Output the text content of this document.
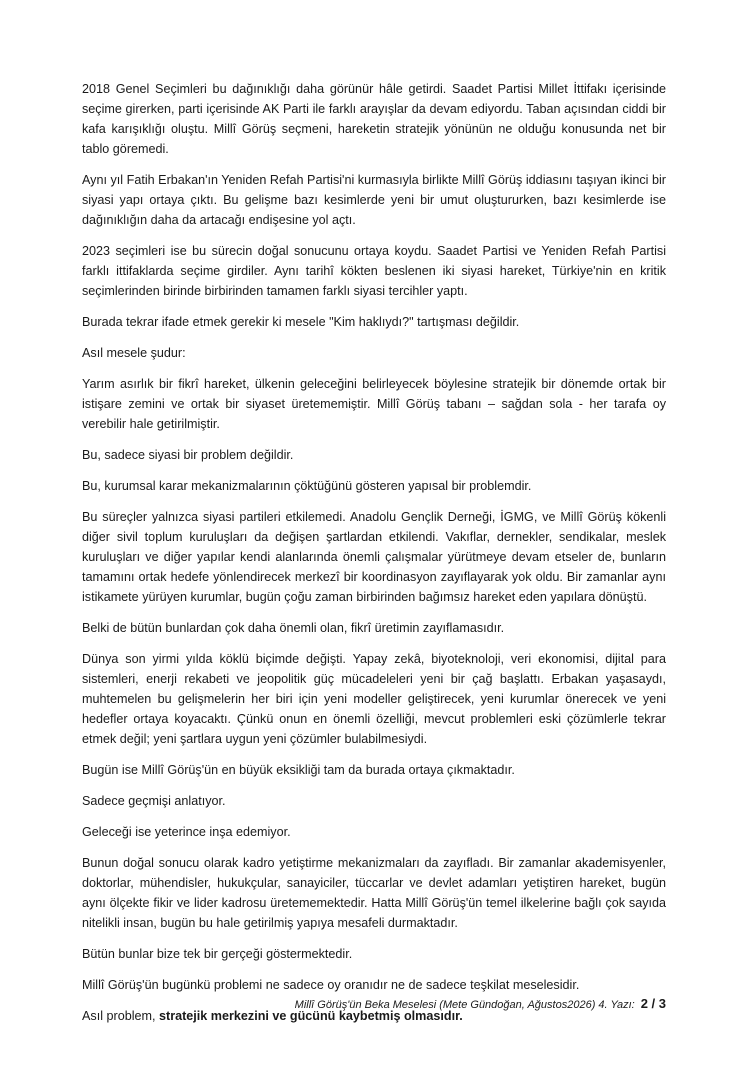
2018 Genel Seçimleri bu dağınıklığı daha görünür hâle getirdi. Saadet Partisi Millet İttifakı içerisinde seçime girerken, parti içerisinde AK Parti ile farklı arayışlar da devam ediyordu. Taban açısından ciddi bir kafa karışıklığı oluştu. Millî Görüş seçmeni, hareketin stratejik yönünün ne olduğu konusunda net bir tablo göremedi.

Aynı yıl Fatih Erbakan'ın Yeniden Refah Partisi'ni kurmasıyla birlikte Millî Görüş iddiasını taşıyan ikinci bir siyasi yapı ortaya çıktı. Bu gelişme bazı kesimlerde yeni bir umut oluştururken, bazı kesimlerde ise dağınıklığın daha da artacağı endişesine yol açtı.

2023 seçimleri ise bu sürecin doğal sonucunu ortaya koydu. Saadet Partisi ve Yeniden Refah Partisi farklı ittifaklarda seçime girdiler. Aynı tarihî kökten beslenen iki siyasi hareket, Türkiye'nin en kritik seçimlerinden birinde birbirinden tamamen farklı siyasi tercihler yaptı.

Burada tekrar ifade etmek gerekir ki mesele "Kim haklıydı?" tartışması değildir.

Asıl mesele şudur:

Yarım asırlık bir fikrî hareket, ülkenin geleceğini belirleyecek böylesine stratejik bir dönemde ortak bir istişare zemini ve ortak bir siyaset üretememiştir. Millî Görüş tabanı – sağdan sola - her tarafa oy verebilir hale getirilmiştir.

Bu, sadece siyasi bir problem değildir.

Bu, kurumsal karar mekanizmalarının çöktüğünü gösteren yapısal bir problemdir.

Bu süreçler yalnızca siyasi partileri etkilemedi. Anadolu Gençlik Derneği, İGMG, ve Millî Görüş kökenli diğer sivil toplum kuruluşları da değişen şartlardan etkilendi. Vakıflar, dernekler, sendikalar, meslek kuruluşları ve diğer yapılar kendi alanlarında önemli çalışmalar yürütmeye devam etseler de, bunların tamamını ortak hedefe yönlendirecek merkezî bir koordinasyon zayıflayarak yok oldu. Bir zamanlar aynı istikamete yürüyen kurumlar, bugün çoğu zaman birbirinden bağımsız hareket eden yapılara dönüştü.

Belki de bütün bunlardan çok daha önemli olan, fikrî üretimin zayıflamasıdır.

Dünya son yirmi yılda köklü biçimde değişti. Yapay zekâ, biyoteknoloji, veri ekonomisi, dijital para sistemleri, enerji rekabeti ve jeopolitik güç mücadeleleri yeni bir çağ başlattı. Erbakan yaşasaydı, muhtemelen bu gelişmelerin her biri için yeni modeller geliştirecek, yeni kurumlar önerecek ve yeni hedefler ortaya koyacaktı. Çünkü onun en önemli özelliği, mevcut problemleri eski çözümlerle tekrar etmek değil; yeni şartlara uygun yeni çözümler bulabilmesiydi.

Bugün ise Millî Görüş'ün en büyük eksikliği tam da burada ortaya çıkmaktadır.

Sadece geçmişi anlatıyor.

Geleceği ise yeterince inşa edemiyor.

Bunun doğal sonucu olarak kadro yetiştirme mekanizmaları da zayıfladı. Bir zamanlar akademisyenler, doktorlar, mühendisler, hukukçular, sanayiciler, tüccarlar ve devlet adamları yetiştiren hareket, bugün aynı ölçekte fikir ve lider kadrosu üretememektedir. Hatta Millî Görüş'ün temel ilkelerine bağlı çok sayıda nitelikli insan, bugün bu hale getirilmiş yapıya mesafeli durmaktadır.

Bütün bunlar bize tek bir gerçeği göstermektedir.

Millî Görüş'ün bugünkü problemi ne sadece oy oranıdır ne de sadece teşkilat meselesidir.

Asıl problem, stratejik merkezini ve gücünü kaybetmiş olmasıdır.

Millî Görüş'ün Beka Meselesi (Mete Gündoğan, Ağustos2026) 4. Yazı: 2 / 3
